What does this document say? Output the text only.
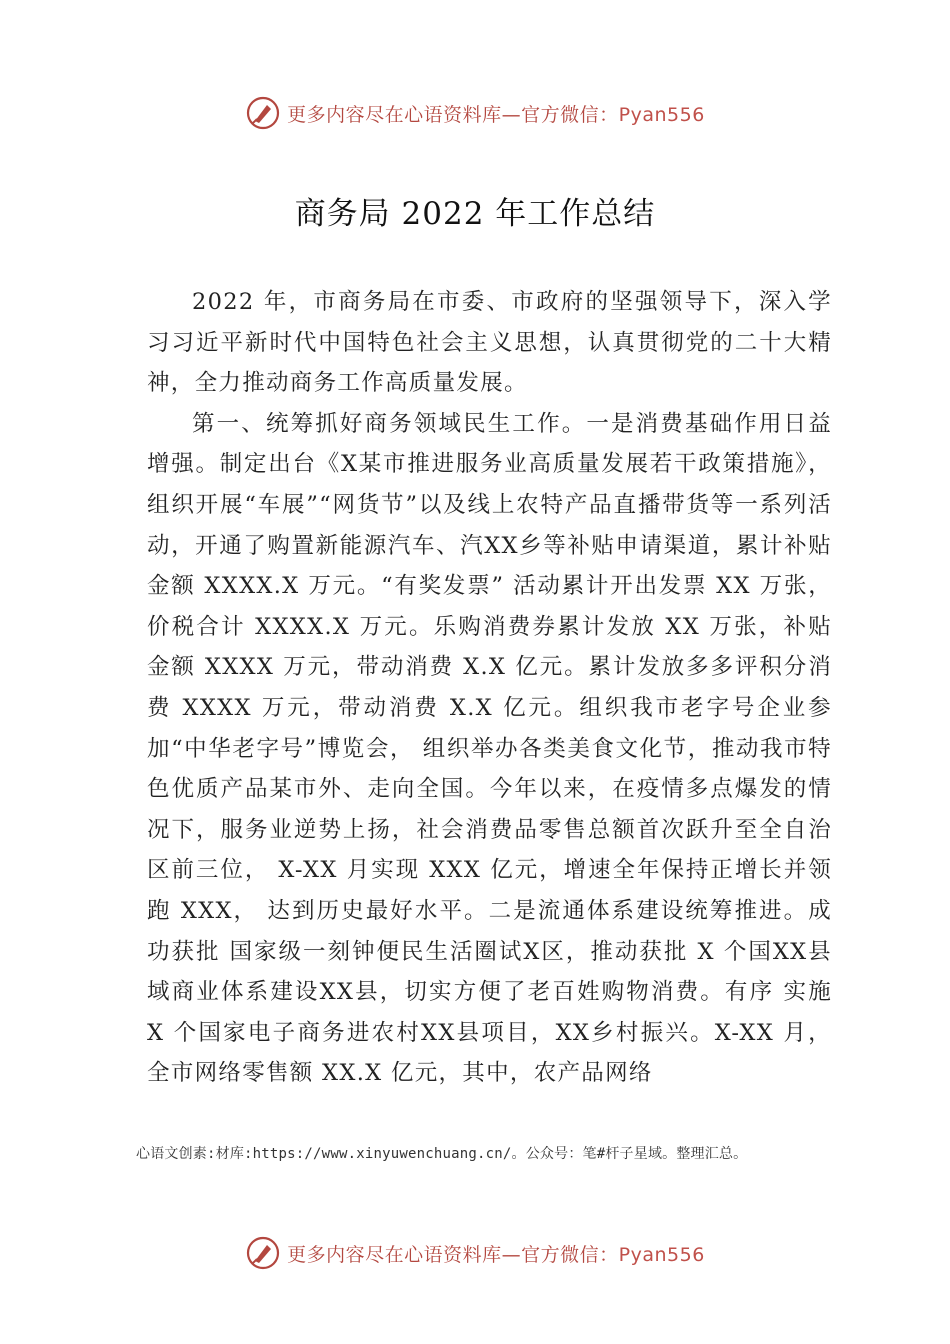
更多内容尽在心语资料库—官方微信：Pyan556
商务局 2022 年工作总结

2022 年，市商务局在市委、市政府的坚强领导下，深入学习习近平新时代中国特色社会主义思想，认真贯彻党的二十大精神，全力推动商务工作高质量发展。

第一、统筹抓好商务领域民生工作。一是消费基础作用日益增强。制定出台《X某市推进服务业高质量发展若干政策措施》，组织开展“车展”“网货节”以及线上农特产品直播带货等一系列活动，开通了购置新能源汽车、汽XX乡等补贴申请渠道，累计补贴金额 XXXX.X 万元。“有奖发票” 活动累计开出发票 XX 万张，价税合计 XXXX.X 万元。乐购消费券累计发放 XX 万张，补贴金额 XXXX 万元，带动消费 X.X 亿元。累计发放多多评积分消费 XXXX 万元，带动消费 X.X 亿元。组织我市老字号企业参加“中华老字号”博览会， 组织举办各类美食文化节，推动我市特色优质产品某市外、走向全国。今年以来，在疫情多点爆发的情况下，服务业逆势上扬，社会消费品零售总额首次跃升至全自治区前三位， X-XX 月实现 XXX 亿元，增速全年保持正增长并领跑 XXX， 达到历史最好水平。二是流通体系建设统筹推进。成功获批 国家级一刻钟便民生活圈试X区，推动获批 X 个国XX县域商业体系建设XX县，切实方便了老百姓购物消费。有序 实施 X 个国家电子商务进农村XX县项目，XX乡村振兴。X-XX 月，全市网络零售额 XX.X 亿元，其中，农产品网络

心语文创素:材库:https://www.xinyuwenchuang.cn/。公众号：笔#杆子星域。整理汇总。
更多内容尽在心语资料库—官方微信：Pyan556
